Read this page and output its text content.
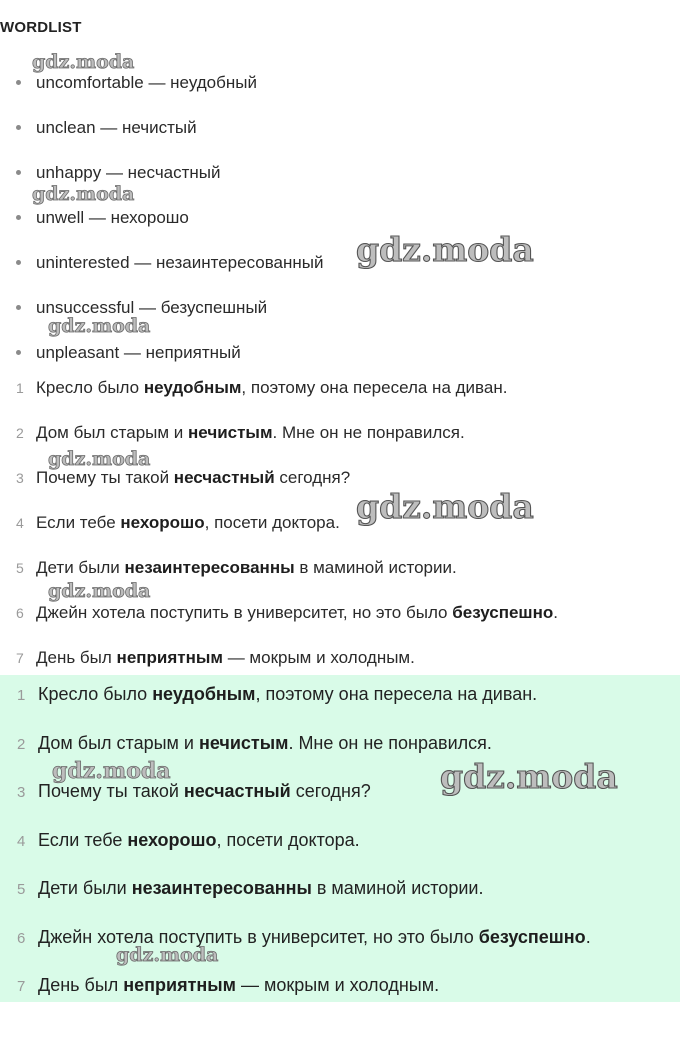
WORDLIST
uncomfortable — неудобный
unclean — нечистый
unhappy — несчастный
unwell — нехорошо
uninterested — незаинтересованный
unsuccessful — безуспешный
unpleasant — неприятный
1 Кресло было неудобным, поэтому она пересела на диван.
2 Дом был старым и нечистым. Мне он не понравился.
3 Почему ты такой несчастный сегодня?
4 Если тебе нехорошо, посети доктора.
5 Дети были незаинтересованны в маминой истории.
6 Джейн хотела поступить в университет, но это было безуспешно.
7 День был неприятным — мокрым и холодным.
1 Кресло было неудобным, поэтому она пересела на диван.
2 Дом был старым и нечистым. Мне он не понравился.
3 Почему ты такой несчастный сегодня?
4 Если тебе нехорошо, посети доктора.
5 Дети были незаинтересованны в маминой истории.
6 Джейн хотела поступить в университет, но это было безуспешно.
7 День был неприятным — мокрым и холодным.
gdz.moda
gdz.moda
gdz.moda
gdz.moda
gdz.moda
gdz.moda
gdz.moda
gdz.moda	gdz.moda
gdz.moda
